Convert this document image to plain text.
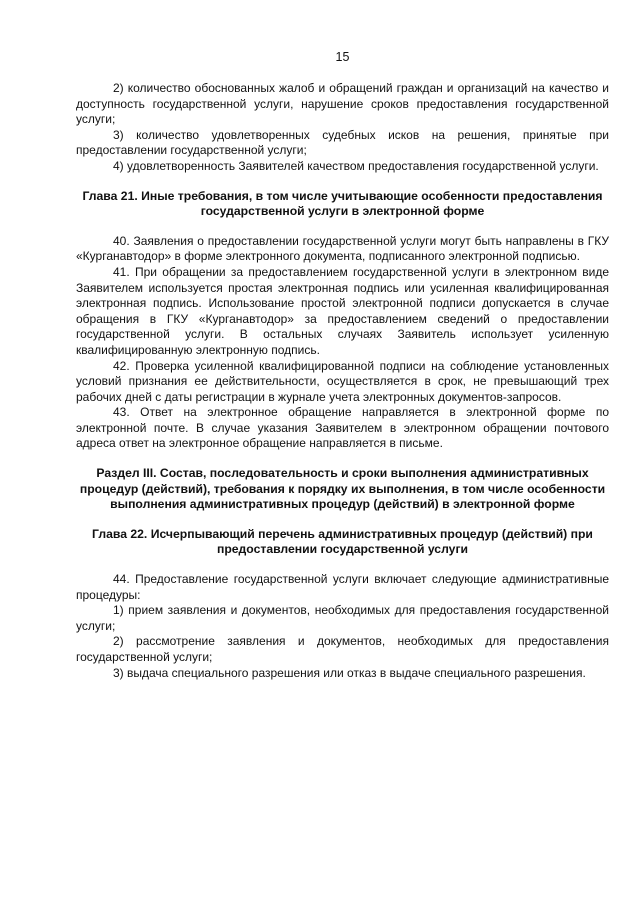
15

2) количество обоснованных жалоб и обращений граждан и организаций на качество и доступность государственной услуги, нарушение сроков предоставления государственной услуги;

3) количество удовлетворенных судебных исков на решения, принятые при предоставлении государственной услуги;

4) удовлетворенность Заявителей качеством предоставления государственной услуги.

Глава 21. Иные требования, в том числе учитывающие особенности предоставления государственной услуги в электронной форме

40. Заявления о предоставлении государственной услуги могут быть направлены в ГКУ «Курганавтодор» в форме электронного документа, подписанного электронной подписью.

41. При обращении за предоставлением государственной услуги в электронном виде Заявителем используется простая электронная подпись или усиленная квалифицированная электронная подпись. Использование простой электронной подписи допускается в случае обращения в ГКУ «Курганавтодор» за предоставлением сведений о предоставлении государственной услуги. В остальных случаях Заявитель использует усиленную квалифицированную электронную подпись.

42. Проверка усиленной квалифицированной подписи на соблюдение установленных условий признания ее действительности, осуществляется в срок, не превышающий трех рабочих дней с даты регистрации в журнале учета электронных документов-запросов.

43. Ответ на электронное обращение направляется в электронной форме по электронной почте. В случае указания Заявителем в электронном обращении почтового адреса ответ на электронное обращение направляется в письме.

Раздел III. Состав, последовательность и сроки выполнения административных процедур (действий), требования к порядку их выполнения, в том числе особенности выполнения административных процедур (действий) в электронной форме
Глава 22. Исчерпывающий перечень административных процедур (действий) при предоставлении государственной услуги

44. Предоставление государственной услуги включает следующие административные процедуры:

1) прием заявления и документов, необходимых для предоставления государственной услуги;

2) рассмотрение заявления и документов, необходимых для предоставления государственной услуги;

3) выдача специального разрешения или отказ в выдаче специального разрешения.
